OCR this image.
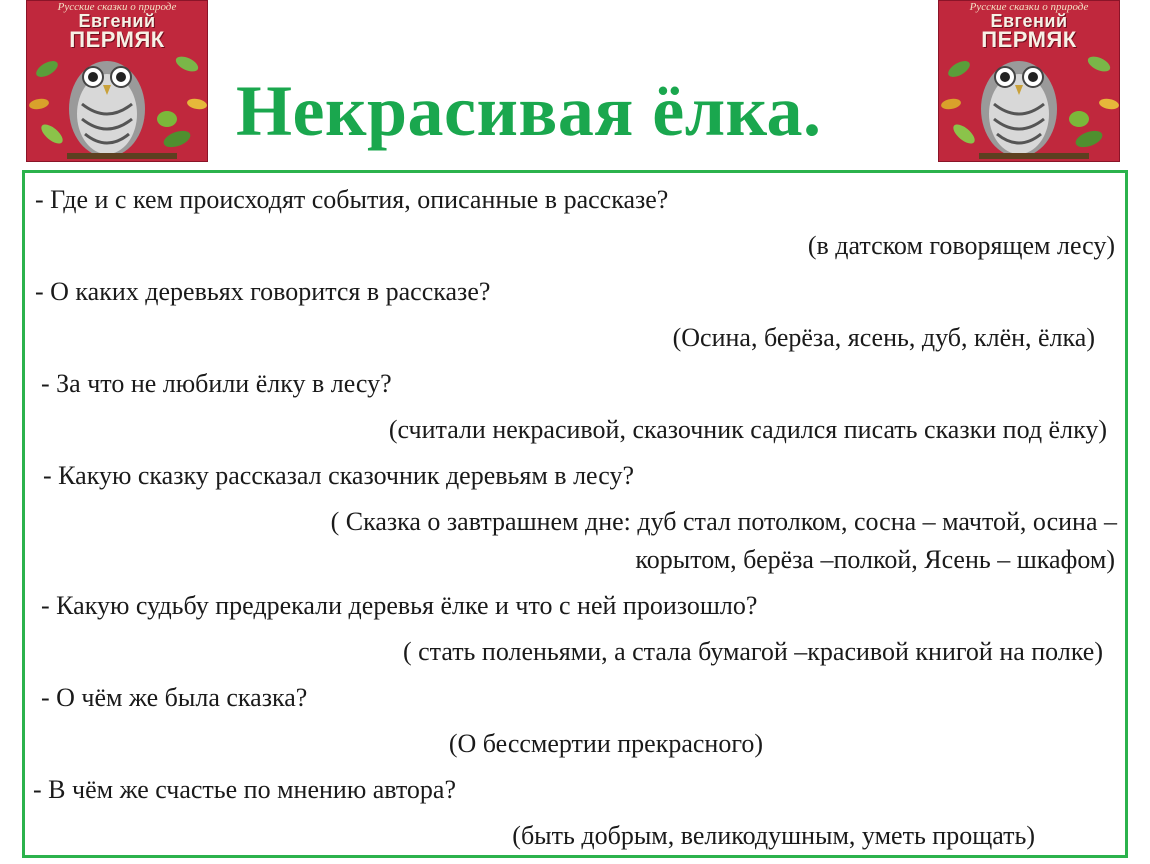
Русские сказки о природе
Евгений
ПЕРМЯК
Русские сказки о природе
Евгений
ПЕРМЯК
Некрасивая ёлка.
- Где и с кем происходят события, описанные в рассказе?
(в датском говорящем лесу)
- О каких деревьях говорится в рассказе?
(Осина, берёза, ясень, дуб, клён, ёлка)
- За что не любили ёлку в лесу?
(считали некрасивой, сказочник садился писать сказки под ёлку)
- Какую сказку рассказал сказочник деревьям в лесу?
( Сказка о завтрашнем дне: дуб стал потолком, сосна – мачтой, осина –
корытом, берёза –полкой, Ясень – шкафом)
- Какую судьбу предрекали деревья ёлке и что с ней произошло?
( стать поленьями, а стала бумагой –красивой книгой на полке)
- О чём же была сказка?
(О бессмертии прекрасного)
- В чём же счастье по мнению автора?
(быть добрым, великодушным, уметь прощать)
